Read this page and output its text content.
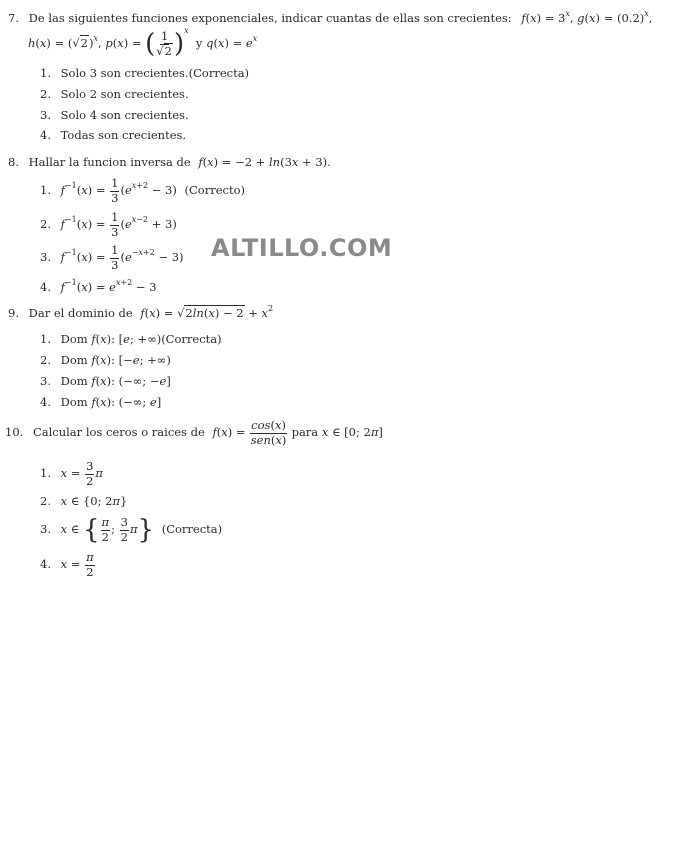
7. De las siguientes funciones exponenciales, indicar cuantas de ellas son crecientes: $f(x) = 3^x$, $g(x) = (0.2)^x$,
$h(x) = (√2)^x$, p(x) = ( $\frac{1}{√2} )^x$  y $q(x) = e^x$
1. Solo 3 son crecientes.(Correcta)
2. Solo 2 son crecientes.
3. Solo 4 son crecientes.
4. Todas son crecientes.
8. Hallar la funcion inversa de f(x) = −2 + ln(3x + 3).
1. $f^{-1}(x) = \frac{1}{3} (e^{x+2} - 3)$ (Correcto)
2. $f^{-1}(x) = \frac{1}{3} (e^{x-2} + 3)$
3. $f^{-1}(x) = \frac{1}{3} (e^{-x+2} - 3)$
4. $f^{-1}(x) = e^{x+2} - 3$
ALTILLO.COM
9. Dar el dominio de $f(x) = √2\ln(x) - 2 + x^2$
1. Dom f(x): [e; +∞)(Correcta)
2. Dom f(x): [−e; +∞)
3. Dom f(x): (−∞; −e]
4. Dom f(x): (−∞; e]
10. Calcular los ceros o raices de $f(x) = \frac{\cos(x)}{\text{sen(x)}}$ para x ∈ [0; 2π]
1. $x = \frac{3}{2}$ π
2. x ∈ {0; 2π}
3. x ∈ { $\frac{\pi}{2}$ ; $\frac{3}{2} \pi$} (Correcta)
4. $x = \frac{\pi}{2}$
